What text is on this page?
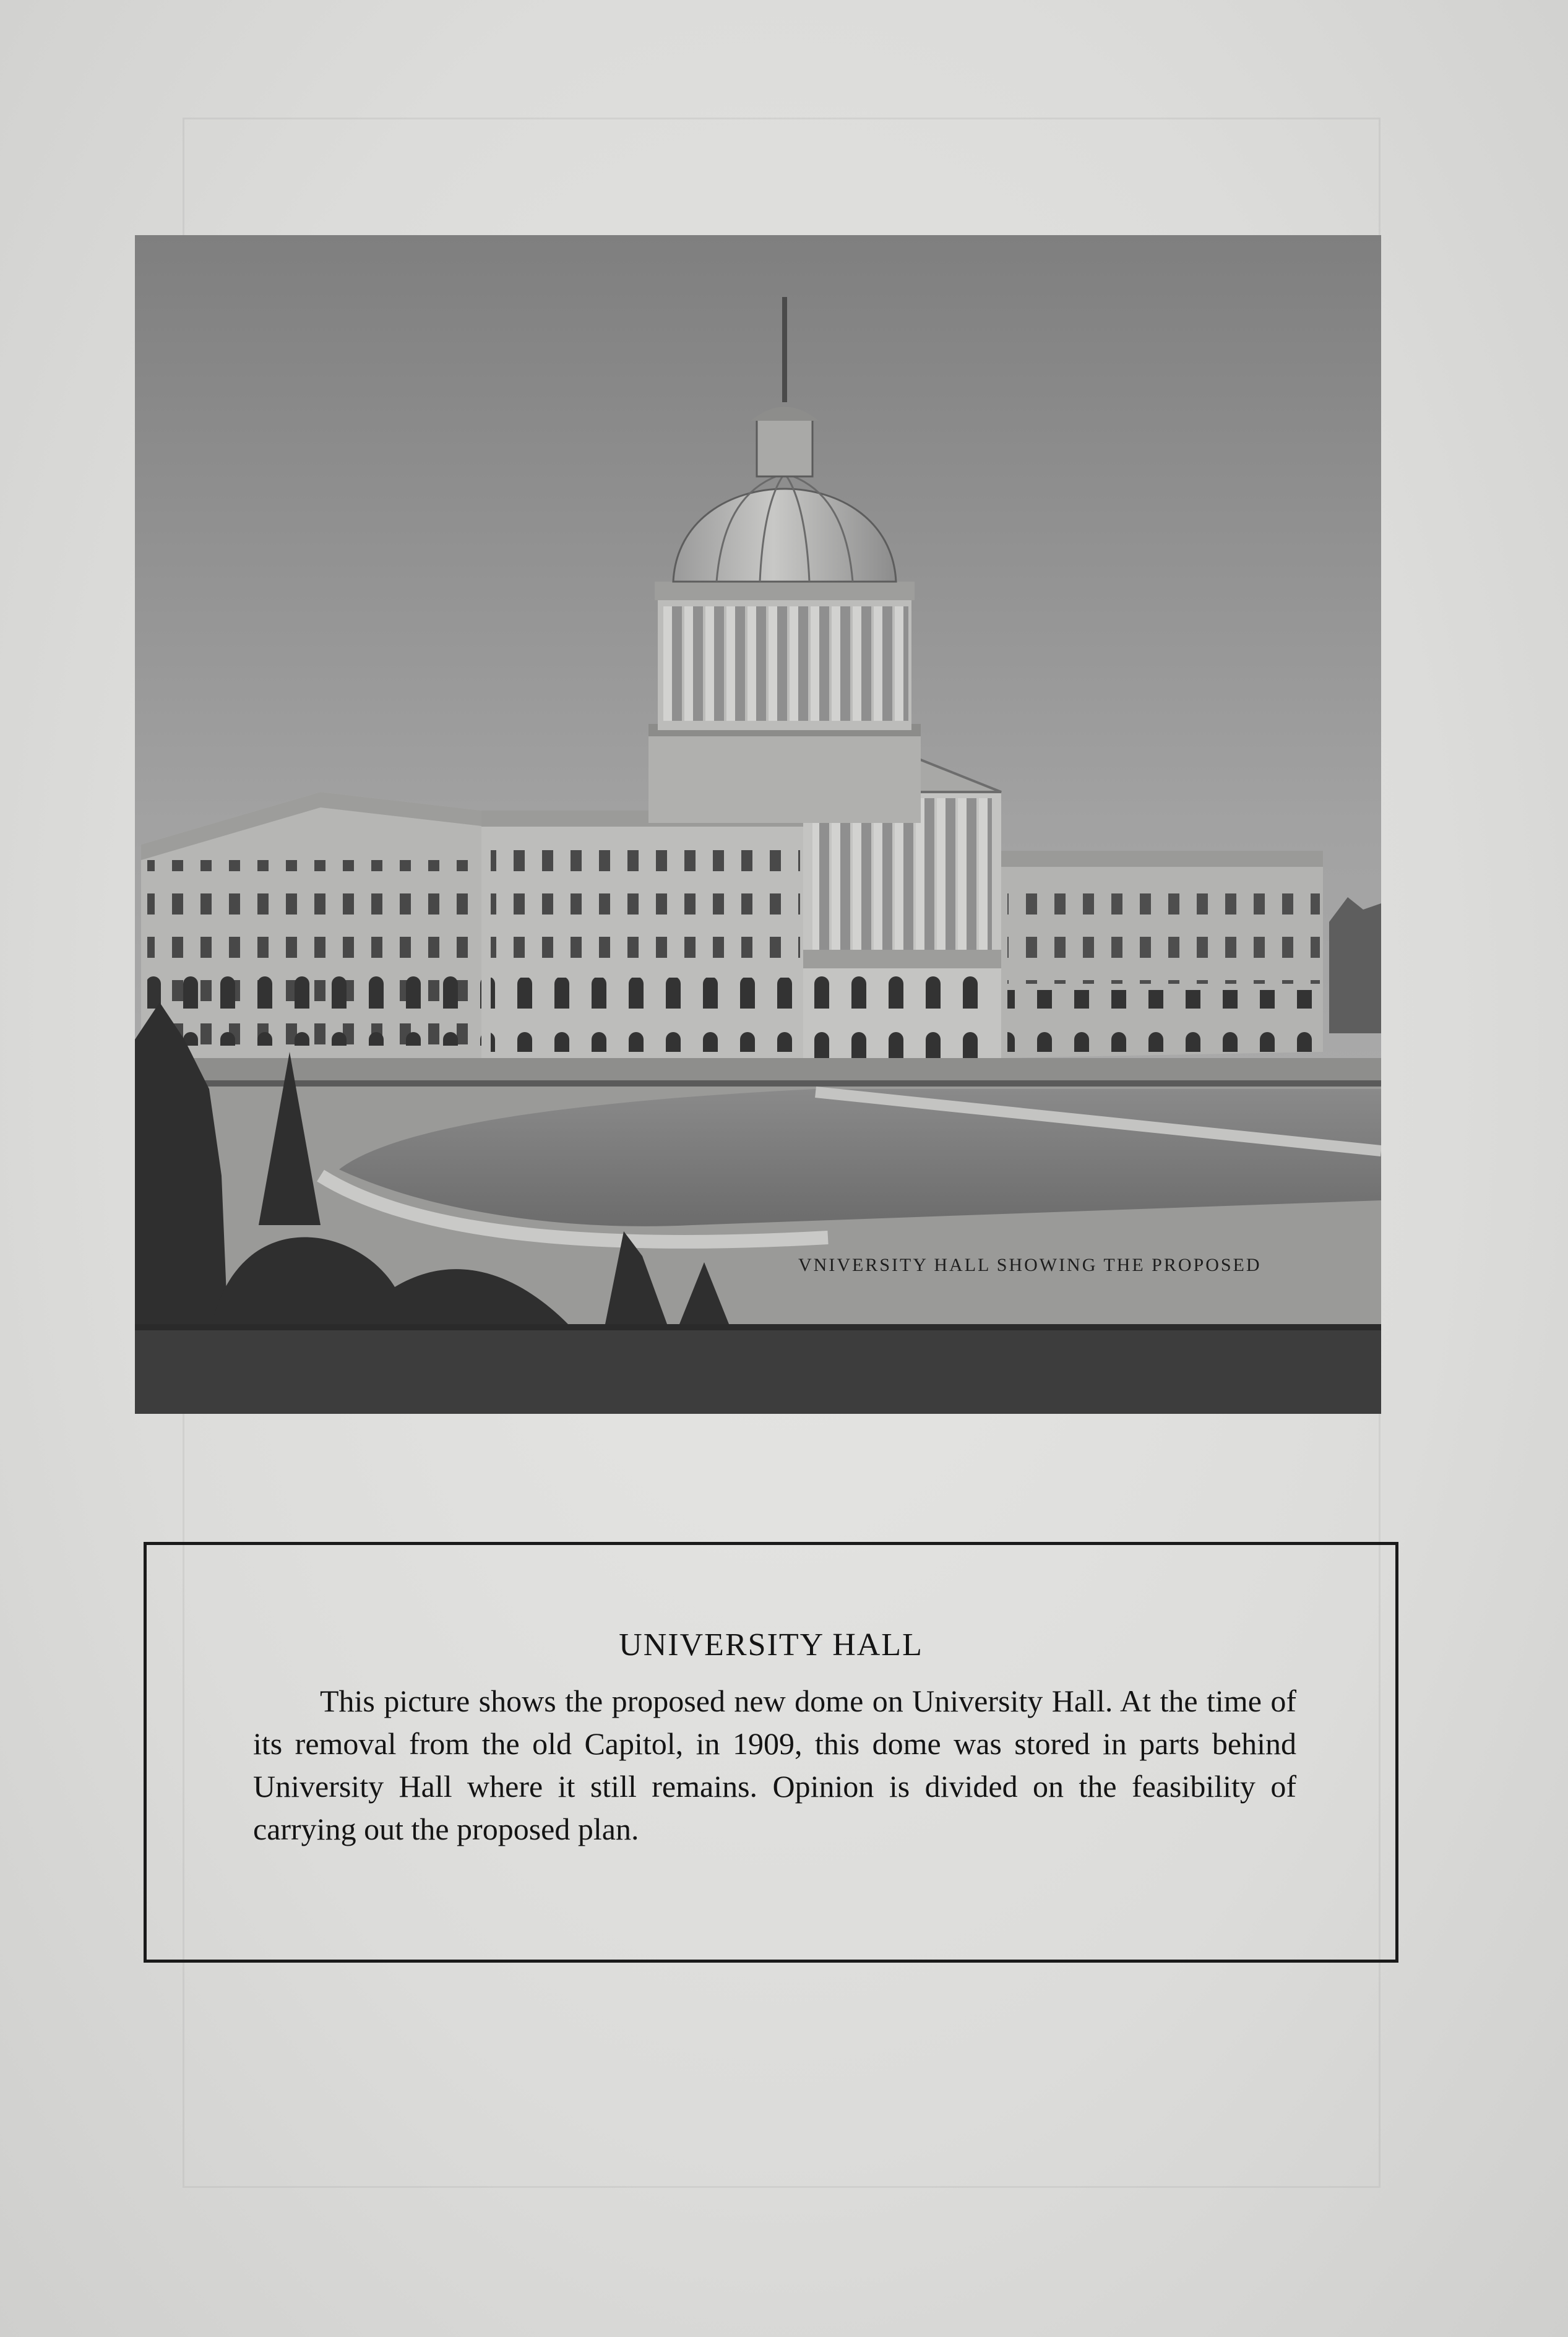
VNIVERSITY HALL SHOWING THE PROPOSED
UNIVERSITY HALL
This picture shows the proposed new dome on University Hall. At the time of its removal from the old Capitol, in 1909, this dome was stored in parts behind University Hall where it still remains. Opinion is divided on the feasibility of carrying out the proposed plan.
